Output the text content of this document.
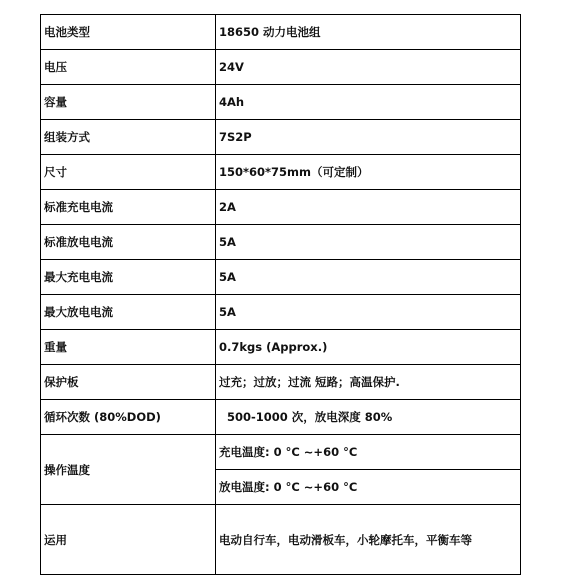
电池类型	18650 动力电池组
电压	24V
容量	4Ah
组装方式	7S2P
尺寸	150*60*75mm（可定制）
标准充电电流	2A
标准放电电流	5A
最大充电电流	5A
最大放电电流	5A
重量	0.7kgs (Approx.)
保护板	过充；过放；过流 短路；高温保护.
循环次数 (80%DOD)	500-1000 次，放电深度 80%
操作温度	充电温度: 0 °C ~+60 °C
	放电温度: 0 °C ~+60 °C
运用	电动自行车，电动滑板车，小轮摩托车，平衡车等
